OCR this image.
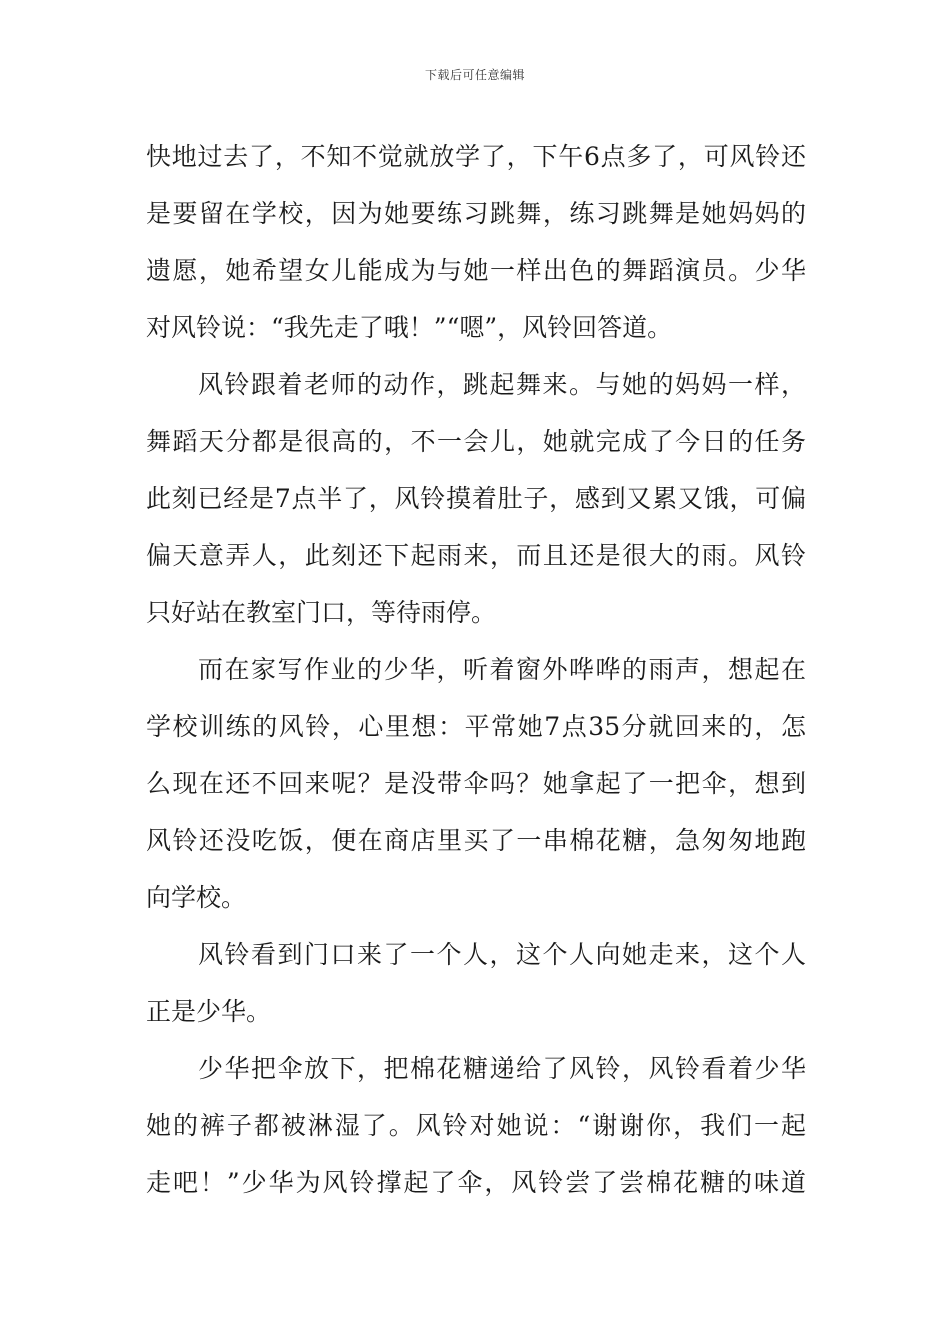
下载后可任意编辑
快地过去了，不知不觉就放学了，下午6点多了，可风铃还
是要留在学校，因为她要练习跳舞，练习跳舞是她妈妈的
遗愿，她希望女儿能成为与她一样出色的舞蹈演员。少华
对风铃说：“我先走了哦！”“嗯”，风铃回答道。
风铃跟着老师的动作，跳起舞来。与她的妈妈一样，
舞蹈天分都是很高的，不一会儿，她就完成了今日的任务
此刻已经是7点半了，风铃摸着肚子，感到又累又饿，可偏
偏天意弄人，此刻还下起雨来，而且还是很大的雨。风铃
只好站在教室门口，等待雨停。
而在家写作业的少华，听着窗外哗哗的雨声，想起在
学校训练的风铃，心里想：平常她7点35分就回来的，怎
么现在还不回来呢？是没带伞吗？她拿起了一把伞，想到
风铃还没吃饭，便在商店里买了一串棉花糖，急匆匆地跑
向学校。
风铃看到门口来了一个人，这个人向她走来，这个人
正是少华。
少华把伞放下，把棉花糖递给了风铃，风铃看着少华
她的裤子都被淋湿了。风铃对她说：“谢谢你，我们一起
走吧！”少华为风铃撑起了伞，风铃尝了尝棉花糖的味道
